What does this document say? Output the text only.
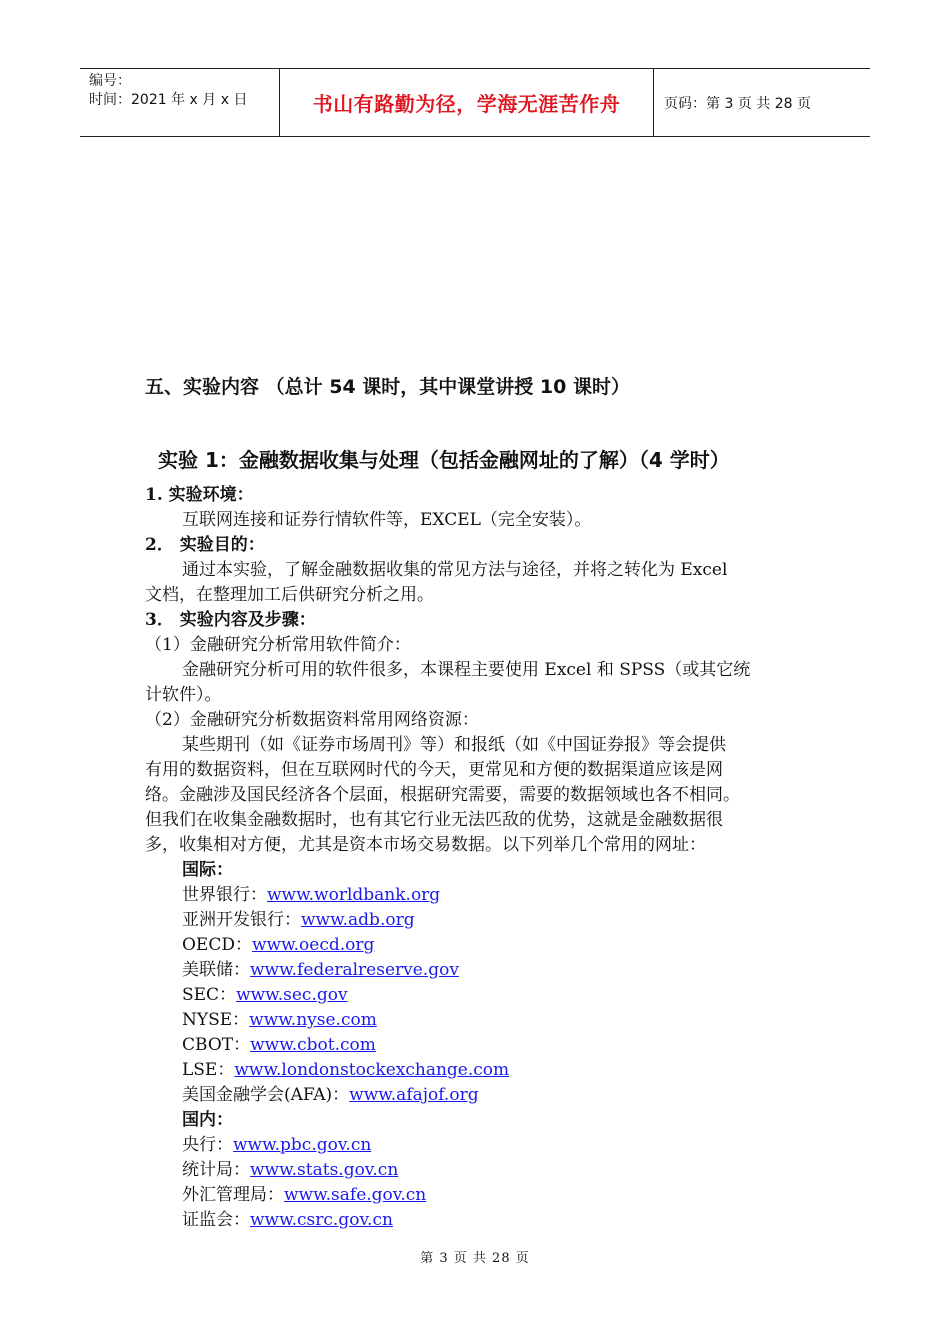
编号：
时间：2021 年 x 月 x 日	书山有路勤为径，学海无涯苦作舟	页码：第 3 页 共 28 页
五、实验内容 （总计 54 课时，其中课堂讲授 10 课时）
实验 1：金融数据收集与处理（包括金融网址的了解）（4 学时）
1. 实验环境：
互联网连接和证券行情软件等，EXCEL（完全安装）。
2． 实验目的：
通过本实验，了解金融数据收集的常见方法与途径，并将之转化为 Excel
文档，在整理加工后供研究分析之用。
3． 实验内容及步骤：
（1）金融研究分析常用软件简介：
金融研究分析可用的软件很多，本课程主要使用 Excel 和 SPSS（或其它统
计软件）。
（2）金融研究分析数据资料常用网络资源：
某些期刊（如《证券市场周刊》等）和报纸（如《中国证券报》等会提供
有用的数据资料，但在互联网时代的今天，更常见和方便的数据渠道应该是网
络。金融涉及国民经济各个层面，根据研究需要，需要的数据领域也各不相同。
但我们在收集金融数据时，也有其它行业无法匹敌的优势，这就是金融数据很
多，收集相对方便，尤其是资本市场交易数据。以下列举几个常用的网址：
国际：
世界银行：www.worldbank.org
亚洲开发银行：www.adb.org
OECD：www.oecd.org
美联储：www.federalreserve.gov
SEC：www.sec.gov
NYSE：www.nyse.com
CBOT：www.cbot.com
LSE：www.londonstockexchange.com
美国金融学会(AFA)：www.afajof.org
国内：
央行：www.pbc.gov.cn
统计局：www.stats.gov.cn
外汇管理局：www.safe.gov.cn
证监会：www.csrc.gov.cn
第 3 页 共 28 页
